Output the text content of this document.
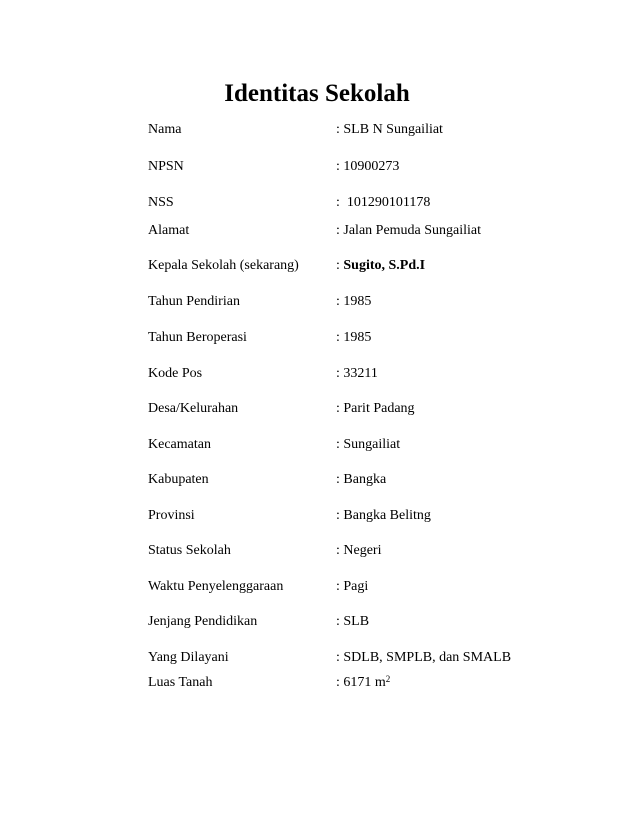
Identitas Sekolah
Nama	: SLB N Sungailiat
NPSN	: 10900273
NSS	: 101290101178
Alamat	: Jalan Pemuda Sungailiat
Kepala Sekolah (sekarang)	: Sugito, S.Pd.I
Tahun Pendirian	: 1985
Tahun Beroperasi	: 1985
Kode Pos	: 33211
Desa/Kelurahan	: Parit Padang
Kecamatan	: Sungailiat
Kabupaten	: Bangka
Provinsi	: Bangka Belitng
Status Sekolah	: Negeri
Waktu Penyelenggaraan	: Pagi
Jenjang Pendidikan	: SLB
Yang Dilayani	: SDLB, SMPLB, dan SMALB
Luas Tanah	: 6171 $m^2$
